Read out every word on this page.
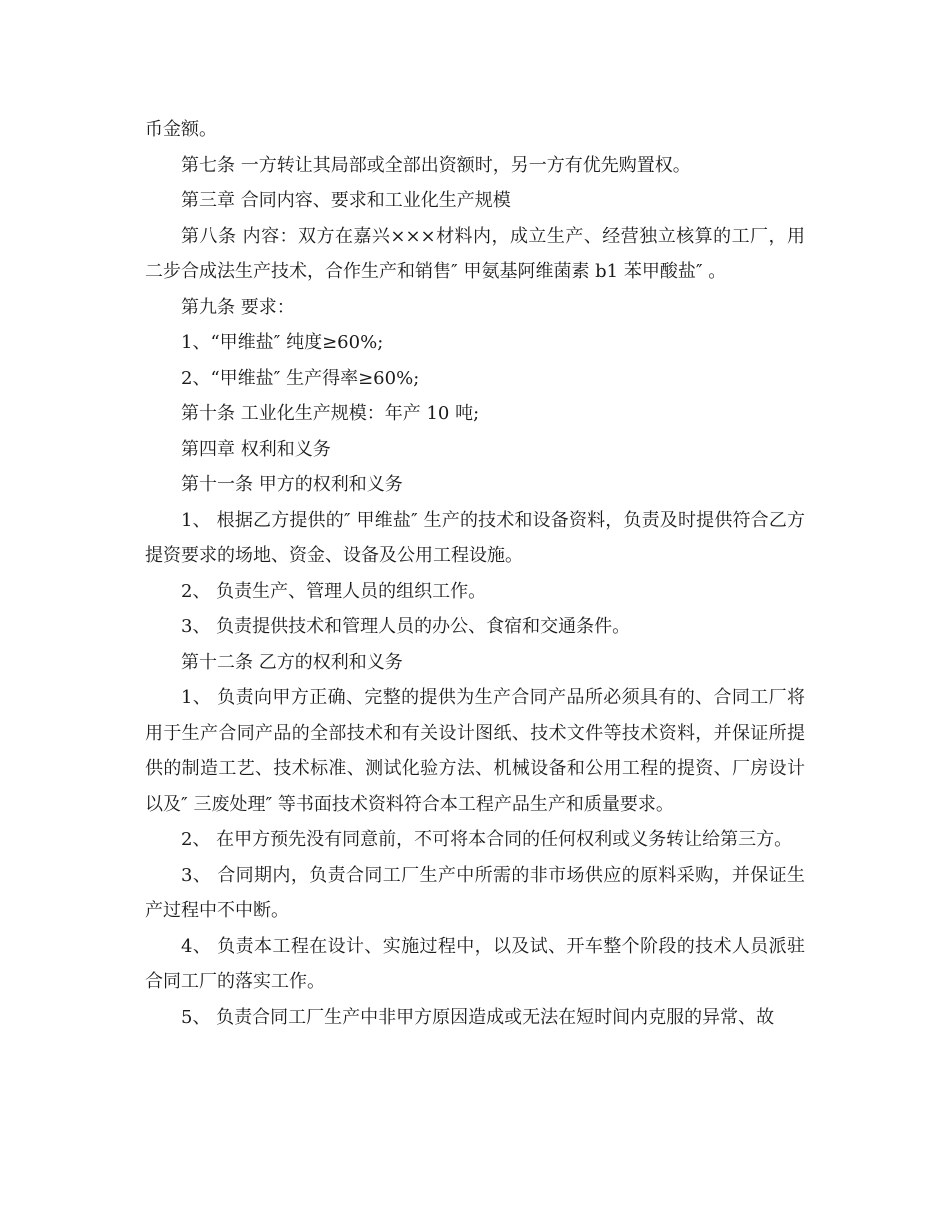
币金额。

第七条 一方转让其局部或全部出资额时，另一方有优先购置权。

第三章 合同内容、要求和工业化生产规模

第八条 内容：双方在嘉兴×××材料内，成立生产、经营独立核算的工厂，用二步合成法生产技术，合作生产和销售″ 甲氨基阿维菌素 b1 苯甲酸盐″ 。

第九条 要求：

1、“甲维盐″ 纯度≥60%;

2、“甲维盐″ 生产得率≥60%;

第十条 工业化生产规模：年产 10 吨;

第四章 权利和义务

第十一条 甲方的权利和义务

1、 根据乙方提供的″ 甲维盐″ 生产的技术和设备资料，负责及时提供符合乙方提资要求的场地、资金、设备及公用工程设施。

2、 负责生产、管理人员的组织工作。

3、 负责提供技术和管理人员的办公、食宿和交通条件。

第十二条 乙方的权利和义务

1、 负责向甲方正确、完整的提供为生产合同产品所必须具有的、合同工厂将用于生产合同产品的全部技术和有关设计图纸、技术文件等技术资料，并保证所提供的制造工艺、技术标准、测试化验方法、机械设备和公用工程的提资、厂房设计以及″ 三废处理″ 等书面技术资料符合本工程产品生产和质量要求。

2、 在甲方预先没有同意前，不可将本合同的任何权利或义务转让给第三方。

3、 合同期内，负责合同工厂生产中所需的非市场供应的原料采购，并保证生产过程中不中断。

4、 负责本工程在设计、实施过程中，以及试、开车整个阶段的技术人员派驻合同工厂的落实工作。

5、 负责合同工厂生产中非甲方原因造成或无法在短时间内克服的异常、故
